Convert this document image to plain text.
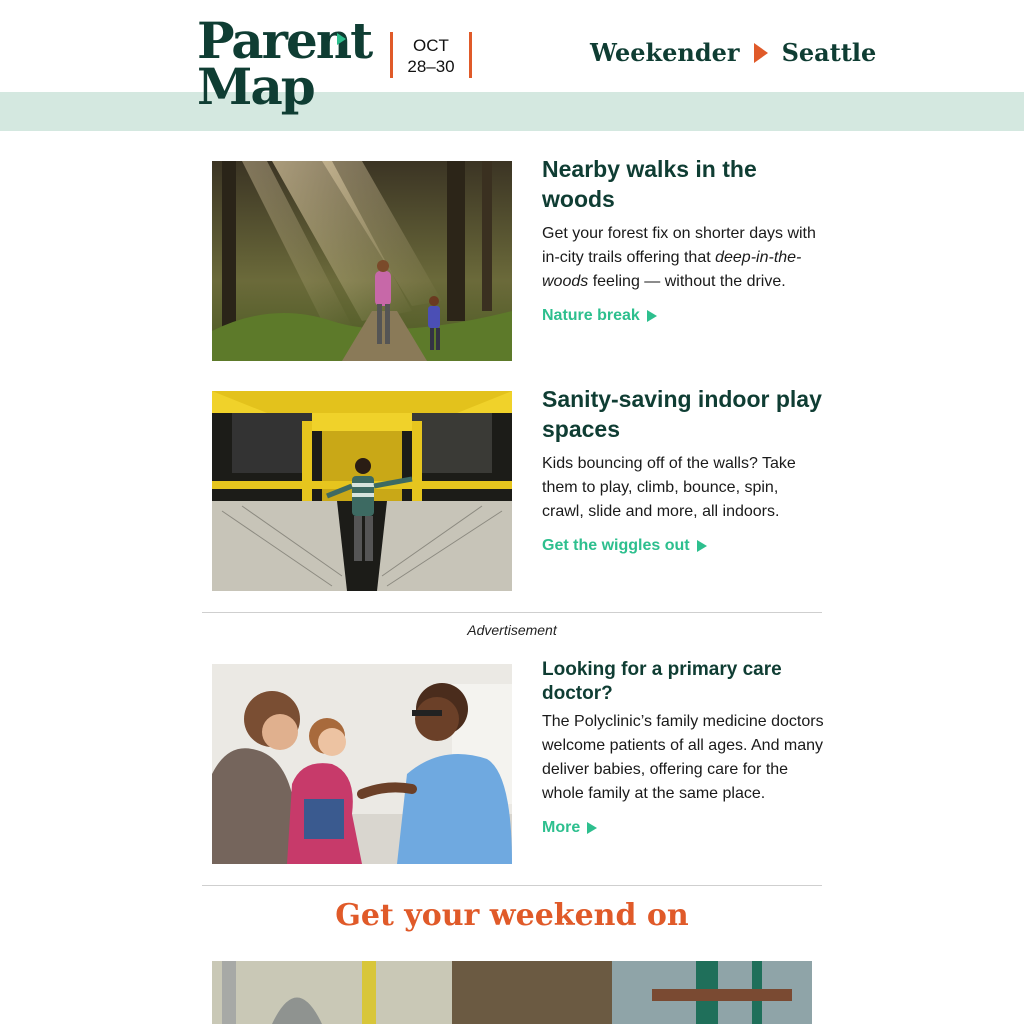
Parent
Map
OCT
28–30	Weekender Seattle
Nearby walks in the woods
Get your forest fix on shorter days with in-city trails offering that deep-in-the-woods feeling — without the drive.
Nature break
Sanity-saving indoor play spaces
Kids bouncing off of the walls? Take them to play, climb, bounce, spin, crawl, slide and more, all indoors.
Get the wiggles out
Advertisement
Looking for a primary care doctor?
The Polyclinic’s family medicine doctors welcome patients of all ages. And many deliver babies, offering care for the whole family at the same place.
More
Get your weekend on
